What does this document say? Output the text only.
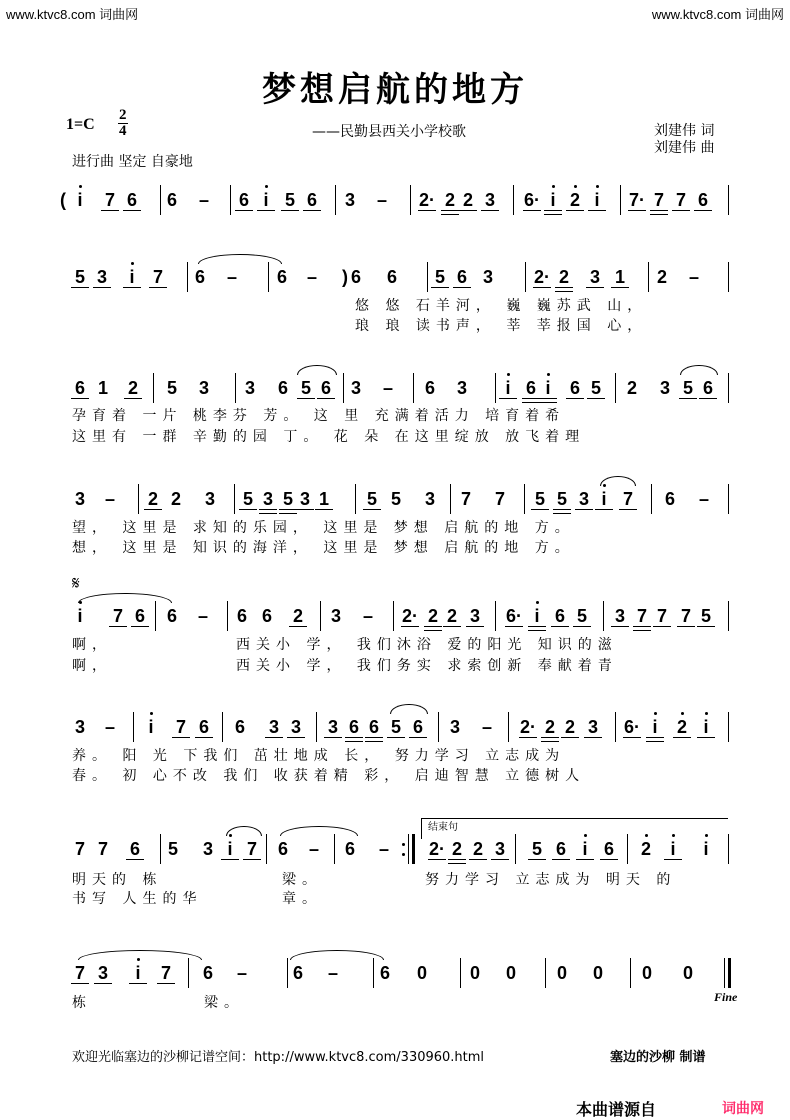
www.ktvc8.com 词曲网	www.ktvc8.com 词曲网
梦想启航的地方
1=C
2
4	——民勤县西关小学校歌	刘建伟 词
刘建伟 曲
进行曲 坚定 自豪地
( i 7 6 6 – 6 i 5 6 3 – 2· 2 2 3 6· i 2 i 7· 7 7 6
)
5 3 i 7 6 – 6 – 6 6 5 6 3 2· 2 3 1 2 –
6 1 2 5 3 3 6 5 6 3 – 6 3 i 6 i 6 5 2 3 5 6
3 – 2 2 3 5 3 5 3 1 5 5 3 7 7 5 5 3 i 7 6 –
i 7 6 6 – 6 6 2 3 – 2· 2 2 3 6· i 6 5 3 7 7 7 5
3 – i 7 6 6 3 3 3 6 6 5 6 3 – 2· 2 2 3 6· i 2 i
7 7 6 5 3 i 7 6 – 6 – 2· 2 2 3 5 6 i 6 2 i i
7 3 i 7 6 –	6 – 6 0 0 0 0 0 0 0
𝄋
结束句
悠 悠 石羊河， 巍 巍苏武 山，
琅 琅 读书声， 莘 莘报国 心，
孕育着 一片 桃李芬 芳。 这 里 充满着活力 培育着希
这里有 一群 辛勤的园 丁。 花 朵 在这里绽放 放飞着理
望， 这里是 求知的乐园， 这里是 梦想 启航的地 方。
想， 这里是 知识的海洋， 这里是 梦想 启航的地 方。
啊，	西关小 学， 我们沐浴 爱的阳光 知识的滋
啊，	西关小 学， 我们务实 求索创新 奉献着青
养。 阳 光 下我们 茁壮地成 长， 努力学习 立志成为
春。 初 心不改 我们 收获着精 彩， 启迪智慧 立德树人
明天的 栋	梁。	努力学习 立志成为 明天 的
书写 人生的华	章。
栋	梁。	Fine
欢迎光临塞边的沙柳记谱空间：http://www.ktvc8.com/330960.html	塞边的沙柳 制谱
本曲谱源自	词曲网
